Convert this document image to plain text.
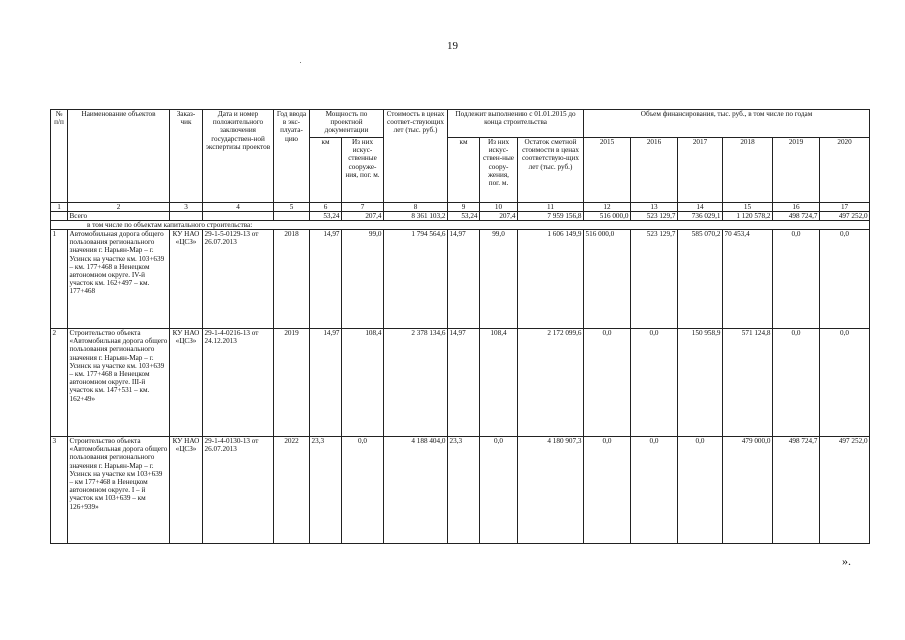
19
№ п/п	Наименование объектов	Заказ-чик	Дата и номер положительного заключения государствен-ной экспертизы проектов	Год ввода в экс-плуата-цию	Мощность по проектной документации		Стоимость в ценах соответ-ствующих лет (тыс. руб.)	Подлежит выполнению с 01.01.2015 до конца строительства			Объем финансирования, тыс. руб., в том числе по годам					
					км	Из них искус-ственные сооруже-ния, пог. м.		км	Из них искус-ствен-ные соору-жения, пог. м.	Остаток сметной стоимости в ценах соответствую-щих лет (тыс. руб.)	2015	2016	2017	2018	2019	2020
1	2	3	4	5	6	7	8	9	10	11	12	13	14	15	16	17
	Всего				53,24	207,4	8 361 103,2	53,24	207,4	7 959 156,8	516 000,0	523 129,7	736 029,1	1 120 578,2	498 724,7	497 252,0
в том числе по объектам капитального строительства:																
1	Автомобильная дорога общего пользования регионального значения г. Нарьян-Мар – г. Усинск на участке км. 103+639 – км. 177+468 в Ненецком автономном округе. IV-й участок км. 162+497 – км. 177+468	КУ НАО «ЦСЗ»	29-1-5-0129-13 от 26.07.2013	2018	14,97	99,0	1 794 564,6	14,97	99,0	1 606 149,9	516 000,0	523 129,7	585 070,2	70 453,4	0,0	0,0
2	Строительство объекта «Автомобильная дорога общего пользования регионального значения г. Нарьян-Мар – г. Усинск на участке км. 103+639 – км. 177+468 в Ненецком автономном округе. III-й участок км. 147+531 – км. 162+49»	КУ НАО «ЦСЗ»	29-1-4-0216-13 от 24.12.2013	2019	14,97	108,4	2 378 134,6	14,97	108,4	2 172 099,6	0,0	0,0	150 958,9	571 124,8	0,0	0,0
3	Строительство объекта «Автомобильная дорога общего пользования регионального значения г. Нарьян-Мар – г. Усинск на участке км 103+639 – км 177+468 в Ненецком автономном округе. I – й участок км 103+639 – км 126+939»	КУ НАО «ЦСЗ»	29-1-4-0130-13 от 26.07.2013	2022	23,3	0,0	4 188 404,0	23,3	0,0	4 180 907,3	0,0	0,0	0,0	479 000,0	498 724,7	497 252,0
».
